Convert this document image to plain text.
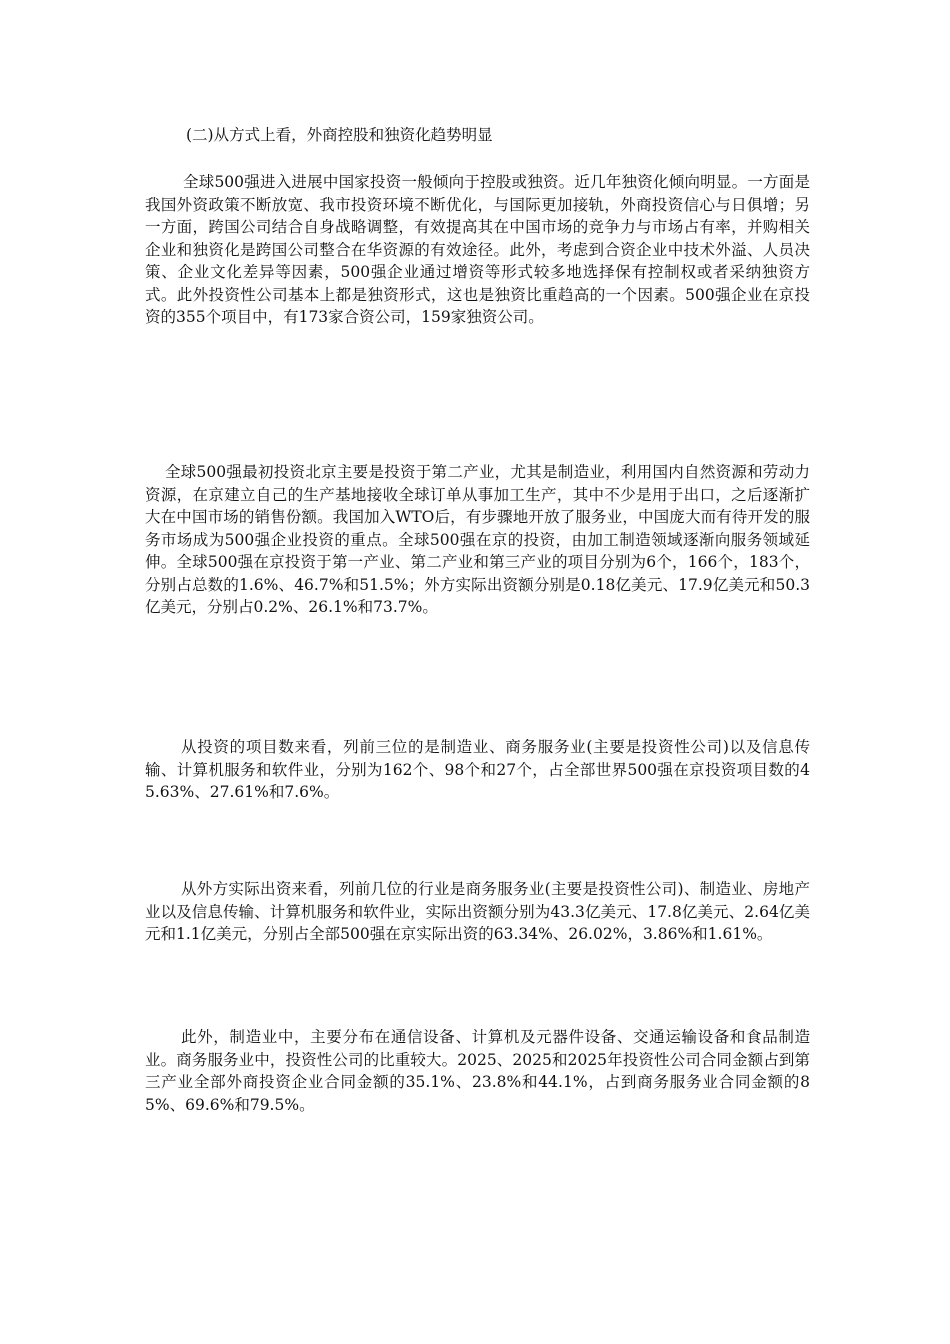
(二)从方式上看，外商控股和独资化趋势明显

全球500强进入进展中国家投资一般倾向于控股或独资。近几年独资化倾向明显。一方面是我国外资政策不断放宽、我市投资环境不断优化，与国际更加接轨，外商投资信心与日俱增；另一方面，跨国公司结合自身战略调整，有效提高其在中国市场的竞争力与市场占有率，并购相关企业和独资化是跨国公司整合在华资源的有效途径。此外，考虑到合资企业中技术外溢、人员决策、企业文化差异等因素，500强企业通过增资等形式较多地选择保有控制权或者采纳独资方式。此外投资性公司基本上都是独资形式，这也是独资比重趋高的一个因素。500强企业在京投资的355个项目中，有173家合资公司，159家独资公司。

全球500强最初投资北京主要是投资于第二产业，尤其是制造业，利用国内自然资源和劳动力资源，在京建立自己的生产基地接收全球订单从事加工生产，其中不少是用于出口，之后逐渐扩大在中国市场的销售份额。我国加入WTO后，有步骤地开放了服务业，中国庞大而有待开发的服务市场成为500强企业投资的重点。全球500强在京的投资，由加工制造领域逐渐向服务领域延伸。全球500强在京投资于第一产业、第二产业和第三产业的项目分别为6个，166个，183个，分别占总数的1.6%、46.7%和51.5%；外方实际出资额分别是0.18亿美元、17.9亿美元和50.3亿美元，分别占0.2%、26.1%和73.7%。

从投资的项目数来看，列前三位的是制造业、商务服务业(主要是投资性公司)以及信息传输、计算机服务和软件业，分别为162个、98个和27个，占全部世界500强在京投资项目数的45.63%、27.61%和7.6%。

从外方实际出资来看，列前几位的行业是商务服务业(主要是投资性公司)、制造业、房地产业以及信息传输、计算机服务和软件业，实际出资额分别为43.3亿美元、17.8亿美元、2.64亿美元和1.1亿美元，分别占全部500强在京实际出资的63.34%、26.02%，3.86%和1.61%。

此外，制造业中，主要分布在通信设备、计算机及元器件设备、交通运输设备和食品制造业。商务服务业中，投资性公司的比重较大。2025、2025和2025年投资性公司合同金额占到第三产业全部外商投资企业合同金额的35.1%、23.8%和44.1%，占到商务服务业合同金额的85%、69.6%和79.5%。
